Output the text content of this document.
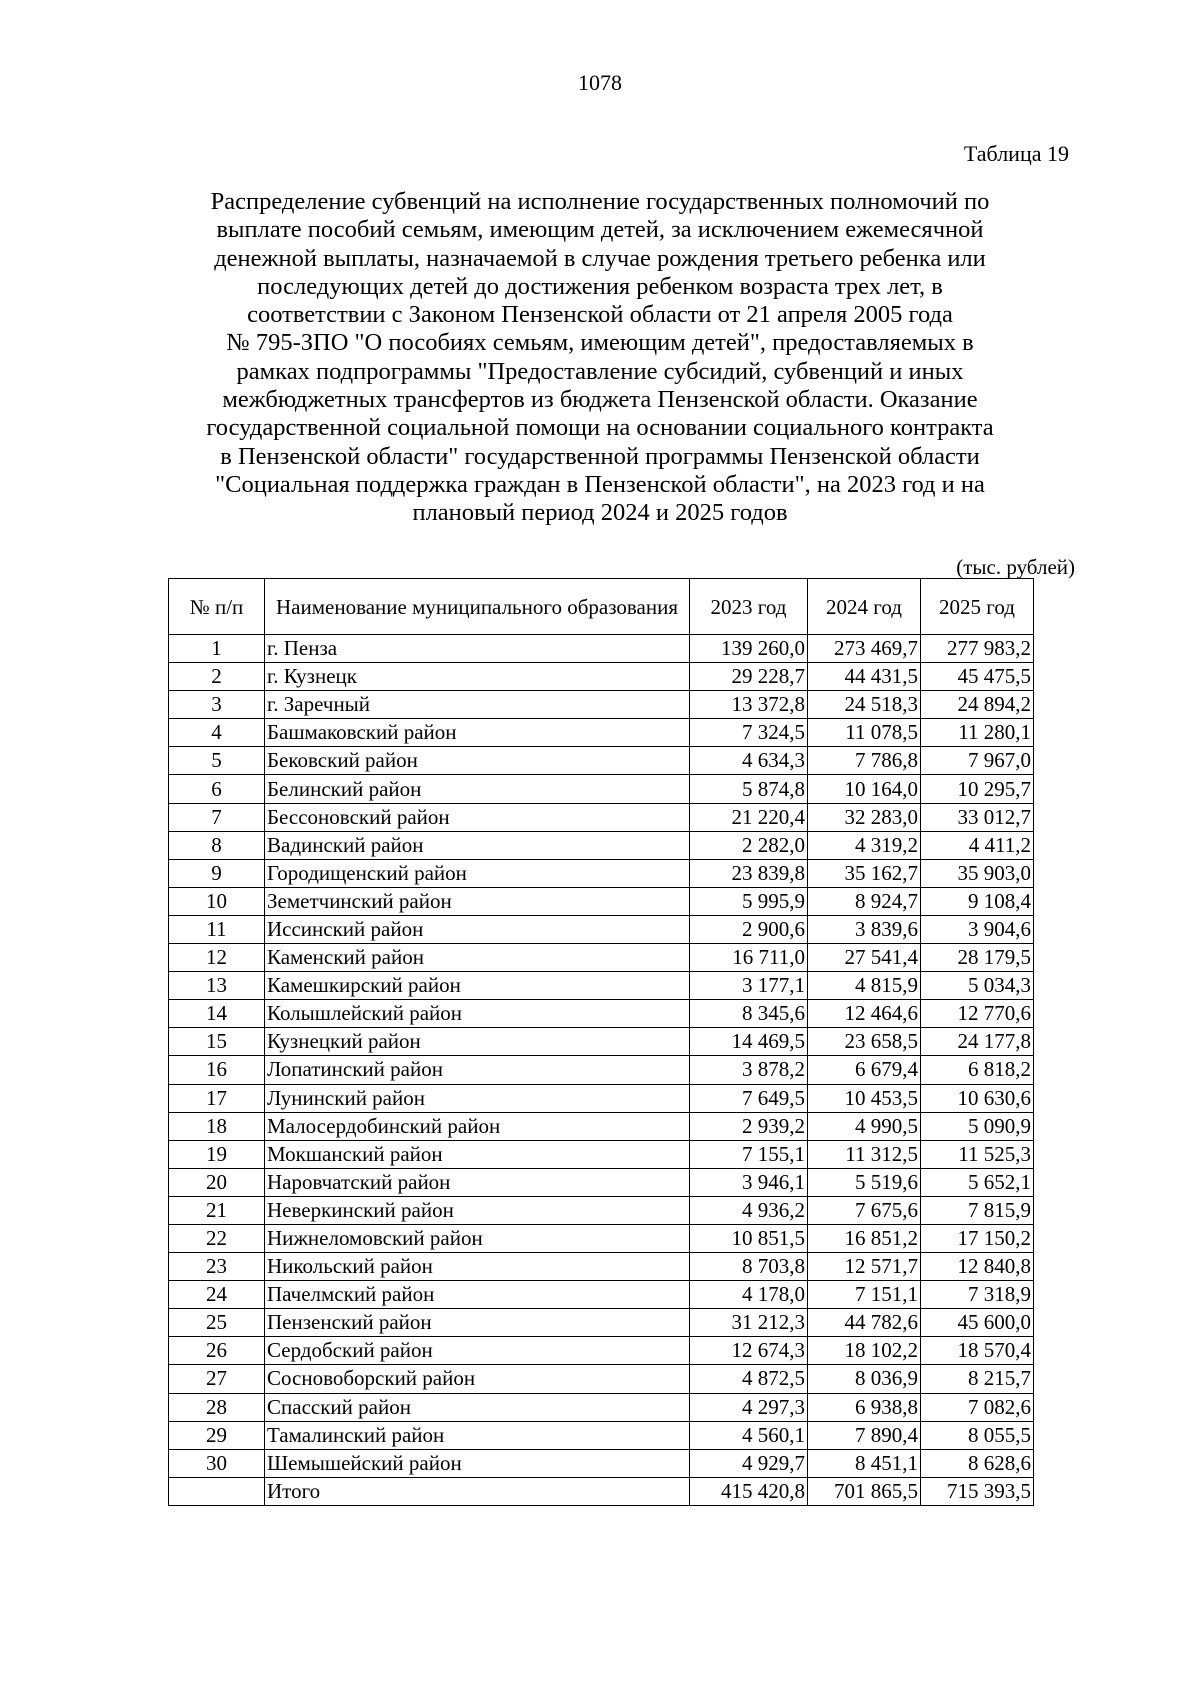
1078
Таблица 19
Распределение субвенций на исполнение государственных полномочий по
выплате пособий семьям, имеющим детей, за исключением ежемесячной
денежной выплаты, назначаемой в случае рождения третьего ребенка или
последующих детей до достижения ребенком возраста трех лет, в
соответствии с Законом Пензенской области от 21 апреля 2005 года
№ 795-ЗПО "О пособиях семьям, имеющим детей", предоставляемых в
рамках подпрограммы "Предоставление субсидий, субвенций и иных
межбюджетных трансфертов из бюджета Пензенской области. Оказание
государственной социальной помощи на основании социального контракта
в Пензенской области" государственной программы Пензенской области
"Социальная поддержка граждан в Пензенской области", на 2023 год и на
плановый период 2024 и 2025 годов
(тыс. рублей)
№ п/п	Наименование муниципального образования	2023 год	2024 год	2025 год
1	г. Пенза	139 260,0	273 469,7	277 983,2
2	г. Кузнецк	29 228,7	44 431,5	45 475,5
3	г. Заречный	13 372,8	24 518,3	24 894,2
4	Башмаковский район	7 324,5	11 078,5	11 280,1
5	Бековский район	4 634,3	7 786,8	7 967,0
6	Белинский район	5 874,8	10 164,0	10 295,7
7	Бессоновский район	21 220,4	32 283,0	33 012,7
8	Вадинский район	2 282,0	4 319,2	4 411,2
9	Городищенский район	23 839,8	35 162,7	35 903,0
10	Земетчинский район	5 995,9	8 924,7	9 108,4
11	Иссинский район	2 900,6	3 839,6	3 904,6
12	Каменский район	16 711,0	27 541,4	28 179,5
13	Камешкирский район	3 177,1	4 815,9	5 034,3
14	Колышлейский район	8 345,6	12 464,6	12 770,6
15	Кузнецкий район	14 469,5	23 658,5	24 177,8
16	Лопатинский район	3 878,2	6 679,4	6 818,2
17	Лунинский район	7 649,5	10 453,5	10 630,6
18	Малосердобинский район	2 939,2	4 990,5	5 090,9
19	Мокшанский район	7 155,1	11 312,5	11 525,3
20	Наровчатский район	3 946,1	5 519,6	5 652,1
21	Неверкинский район	4 936,2	7 675,6	7 815,9
22	Нижнеломовский район	10 851,5	16 851,2	17 150,2
23	Никольский район	8 703,8	12 571,7	12 840,8
24	Пачелмский район	4 178,0	7 151,1	7 318,9
25	Пензенский район	31 212,3	44 782,6	45 600,0
26	Сердобский район	12 674,3	18 102,2	18 570,4
27	Сосновоборский район	4 872,5	8 036,9	8 215,7
28	Спасский район	4 297,3	6 938,8	7 082,6
29	Тамалинский район	4 560,1	7 890,4	8 055,5
30	Шемышейский район	4 929,7	8 451,1	8 628,6
	Итого	415 420,8	701 865,5	715 393,5
